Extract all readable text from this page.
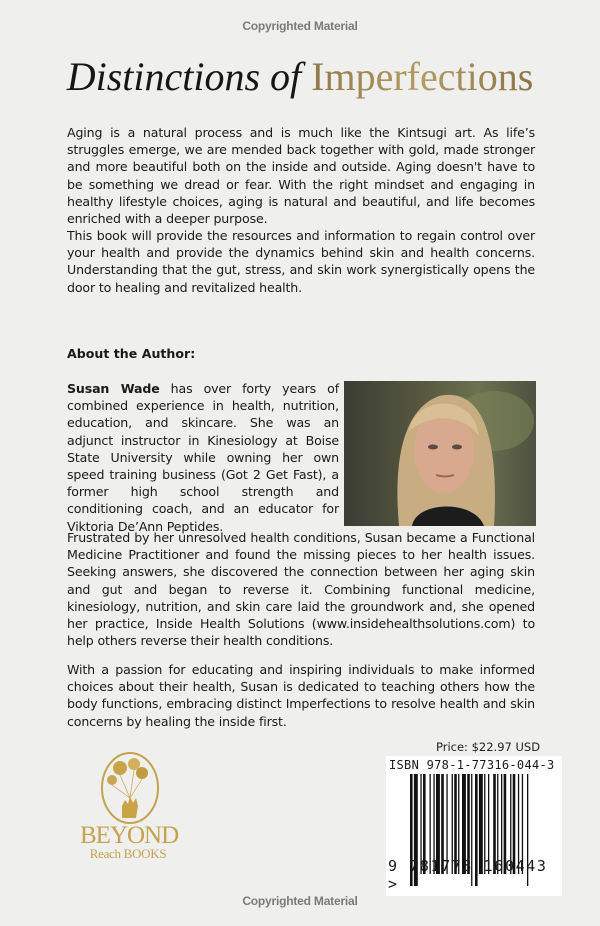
Copyrighted Material
Distinctions of Imperfections

Aging is a natural process and is much like the Kintsugi art. As life’s struggles emerge, we are mended back together with gold, made stronger and more beautiful both on the inside and outside. Aging doesn't have to be something we dread or fear. With the right mindset and engaging in healthy lifestyle choices, aging is natural and beautiful, and life becomes enriched with a deeper purpose.

This book will provide the resources and information to regain control over your health and provide the dynamics behind skin and health concerns. Understanding that the gut, stress, and skin work synergistically opens the door to healing and revitalized health.

About the Author:

Susan Wade has over forty years of combined experience in health, nutrition, education, and skincare. She was an adjunct instructor in Kinesiology at Boise State University while owning her own speed training business (Got 2 Get Fast), a former high school strength and conditioning coach, and an educator for Viktoria De’Ann Peptides.

Frustrated by her unresolved health conditions, Susan became a Functional Medicine Practitioner and found the missing pieces to her health issues. Seeking answers, she discovered the connection between her aging skin and gut and began to reverse it. Combining functional medicine, kinesiology, nutrition, and skin care laid the groundwork and, she opened her practice, Inside Health Solutions (www.insidehealthsolutions.com) to help others reverse their health conditions.

With a passion for educating and inspiring individuals to make informed choices about their health, Susan is dedicated to teaching others how the body functions, embracing distinct Imperfections to resolve health and skin concerns by healing the inside first.

BEYOND
Reach BOOKS
Price: $22.97 USD
ISBN 978-1-77316-044-3
9 781773 160443 >
Copyrighted Material
